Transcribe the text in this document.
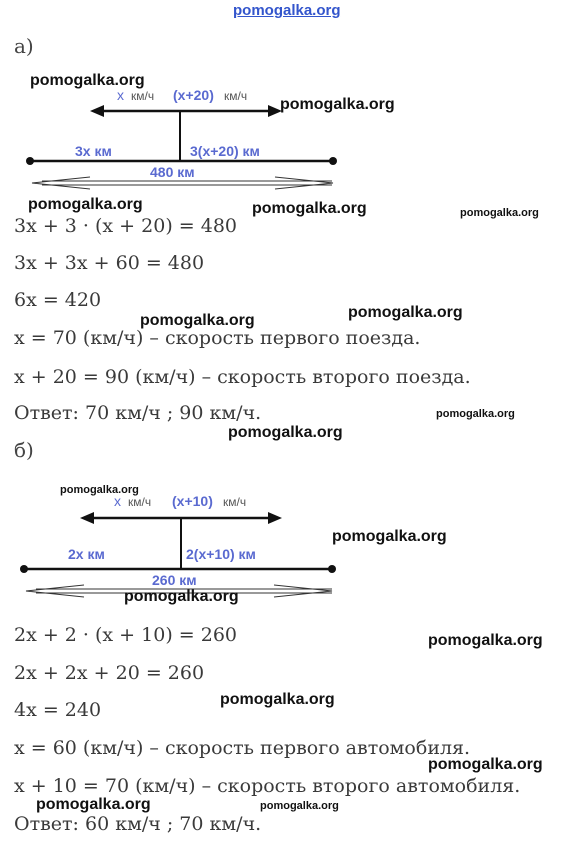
pomogalka.org
а)
x км/ч (x+20) км/ч
3x км	3(x+20) км
480 км
pomogalka.org
pomogalka.org
pomogalka.org	pomogalka.org	pomogalka.org
3x + 3 · (x + 20) = 480
3x + 3x + 60 = 480
6x = 420
pomogalka.org
pomogalka.org
x = 70 (км/ч) – скорость первого поезда.
x + 20 = 90 (км/ч) – скорость второго поезда.
Ответ: 70 км/ч ; 90 км/ч.	pomogalka.org
pomogalka.org
б)
x км/ч (x+10) км/ч
2x км	2(x+10) км
260 км
pomogalka.org
pomogalka.org
pomogalka.org
2x + 2 · (x + 10) = 260	pomogalka.org
2x + 2x + 20 = 260
pomogalka.org
4x = 240
x = 60 (км/ч) – скорость первого автомобиля.
pomogalka.org
x + 10 = 70 (км/ч) – скорость второго автомобиля.
pomogalka.org	pomogalka.org
Ответ: 60 км/ч ; 70 км/ч.
